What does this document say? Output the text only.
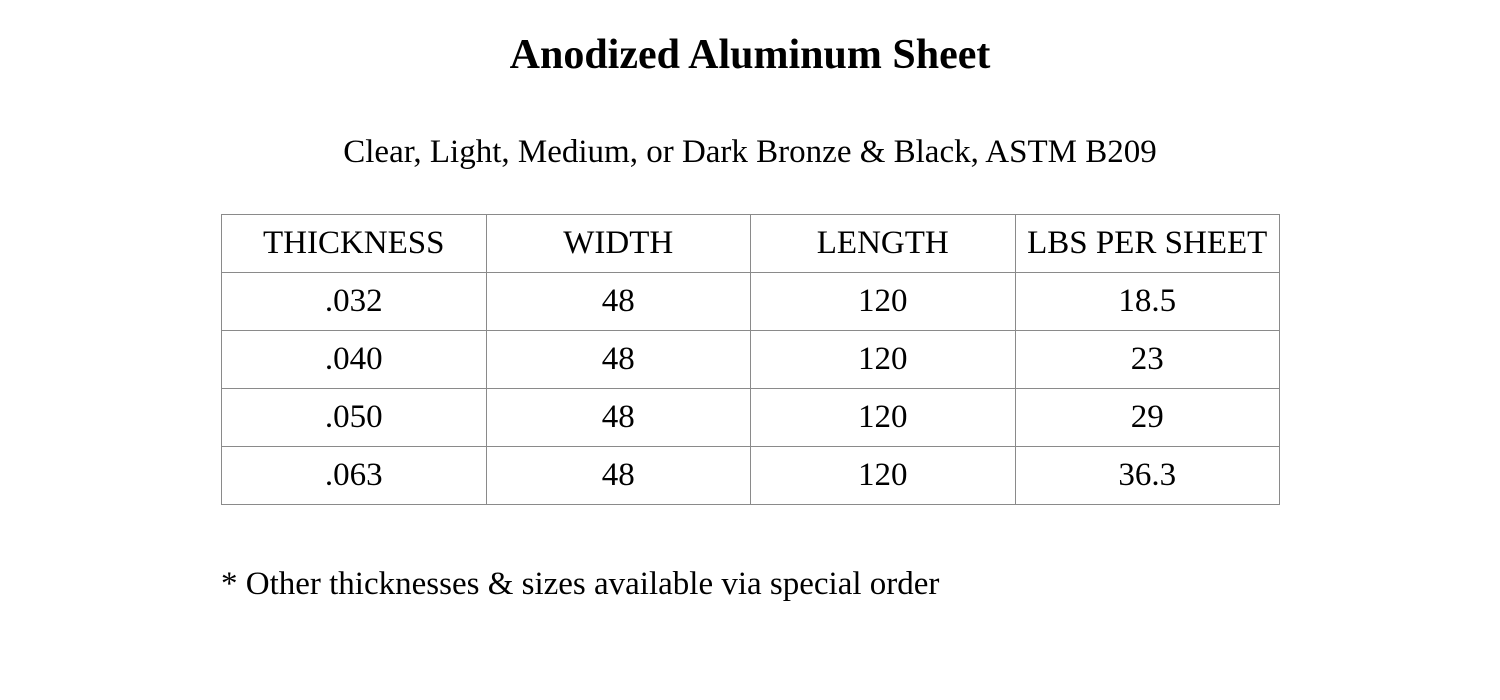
Anodized Aluminum Sheet
Clear, Light, Medium, or Dark Bronze & Black, ASTM B209
THICKNESS	WIDTH	LENGTH	LBS PER SHEET
.032	48	120	18.5
.040	48	120	23
.050	48	120	29
.063	48	120	36.3
* Other thicknesses & sizes available via special order
